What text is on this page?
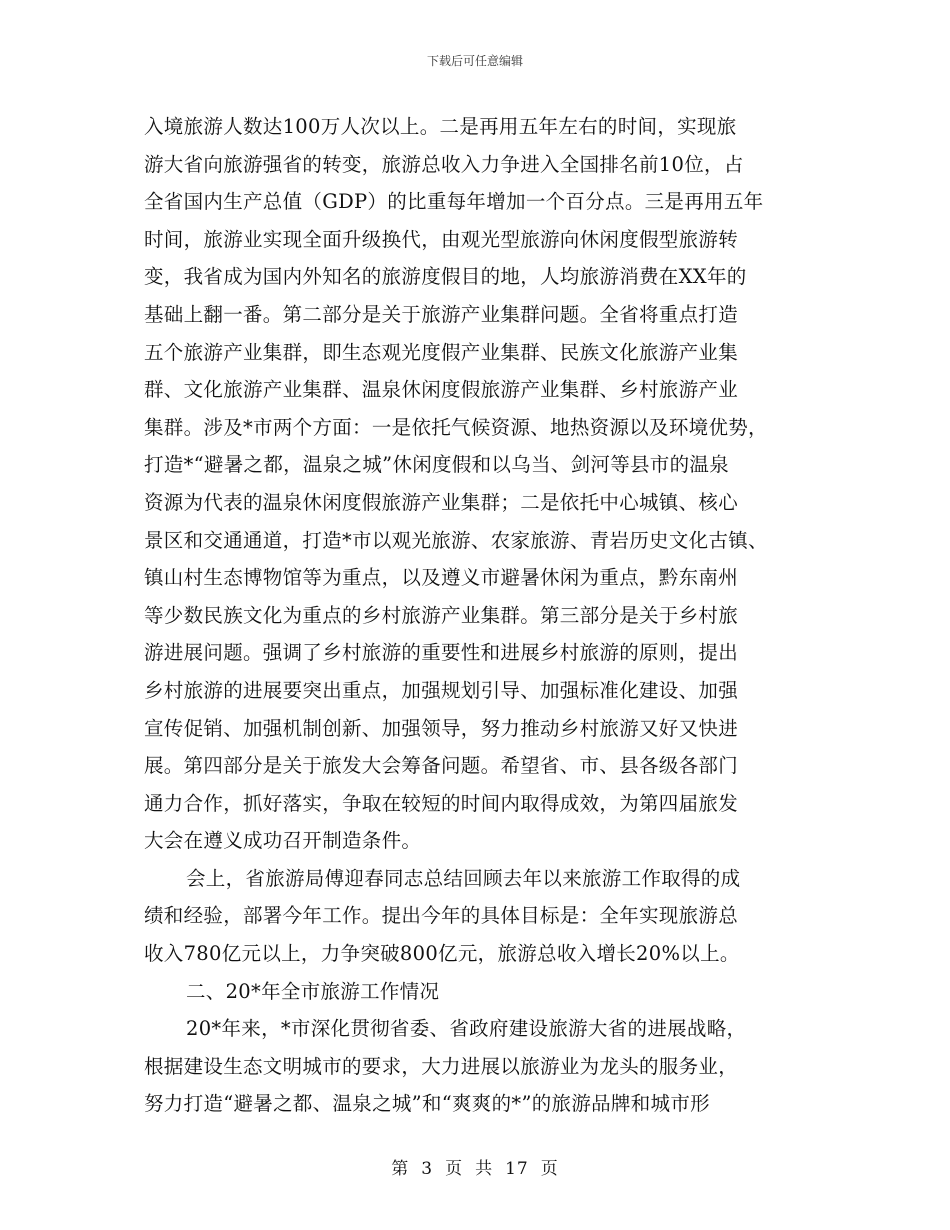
下载后可任意编辑
入境旅游人数达100万人次以上。二是再用五年左右的时间，实现旅
游大省向旅游强省的转变，旅游总收入力争进入全国排名前10位，占
全省国内生产总值（GDP）的比重每年增加一个百分点。三是再用五年
时间，旅游业实现全面升级换代，由观光型旅游向休闲度假型旅游转
变，我省成为国内外知名的旅游度假目的地，人均旅游消费在XX年的
基础上翻一番。第二部分是关于旅游产业集群问题。全省将重点打造
五个旅游产业集群，即生态观光度假产业集群、民族文化旅游产业集
群、文化旅游产业集群、温泉休闲度假旅游产业集群、乡村旅游产业
集群。涉及*市两个方面：一是依托气候资源、地热资源以及环境优势，
打造*“避暑之都，温泉之城”休闲度假和以乌当、剑河等县市的温泉
资源为代表的温泉休闲度假旅游产业集群；二是依托中心城镇、核心
景区和交通通道，打造*市以观光旅游、农家旅游、青岩历史文化古镇、
镇山村生态博物馆等为重点，以及遵义市避暑休闲为重点，黔东南州
等少数民族文化为重点的乡村旅游产业集群。第三部分是关于乡村旅
游进展问题。强调了乡村旅游的重要性和进展乡村旅游的原则，提出
乡村旅游的进展要突出重点，加强规划引导、加强标准化建设、加强
宣传促销、加强机制创新、加强领导，努力推动乡村旅游又好又快进
展。第四部分是关于旅发大会筹备问题。希望省、市、县各级各部门
通力合作，抓好落实，争取在较短的时间内取得成效，为第四届旅发
大会在遵义成功召开制造条件。
会上，省旅游局傅迎春同志总结回顾去年以来旅游工作取得的成
绩和经验，部署今年工作。提出今年的具体目标是：全年实现旅游总
收入780亿元以上，力争突破800亿元，旅游总收入增长20%以上。
二、20*年全市旅游工作情况
20*年来，*市深化贯彻省委、省政府建设旅游大省的进展战略，
根据建设生态文明城市的要求，大力进展以旅游业为龙头的服务业，
努力打造“避暑之都、温泉之城”和“爽爽的*”的旅游品牌和城市形
第 3 页 共 17 页
